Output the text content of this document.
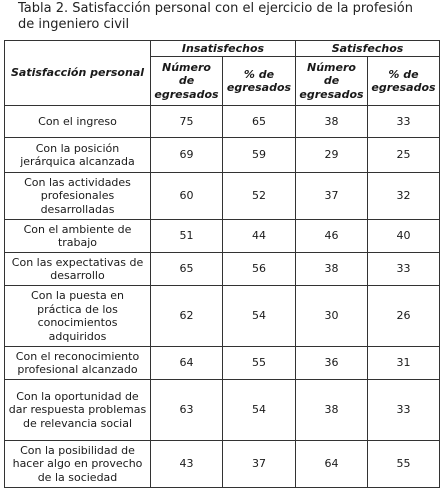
Tabla 2. Satisfacción personal con el ejercicio de la profesión
de ingeniero civil
Satisfacción personal	Insatisfechos		Satisfechos	
	Número de egresados	% de egresados	Número de egresados	% de egresados
Con el ingreso	75	65	38	33
Con la posición jerárquica alcanzada	69	59	29	25
Con las actividades profesionales desarrolladas	60	52	37	32
Con el ambiente de trabajo	51	44	46	40
Con las expectativas de desarrollo	65	56	38	33
Con la puesta en práctica de los conocimientos adquiridos	62	54	30	26
Con el reconocimiento profesional alcanzado	64	55	36	31
Con la oportunidad de dar respuesta problemas de relevancia social	63	54	38	33
Con la posibilidad de hacer algo en provecho de la sociedad	43	37	64	55
